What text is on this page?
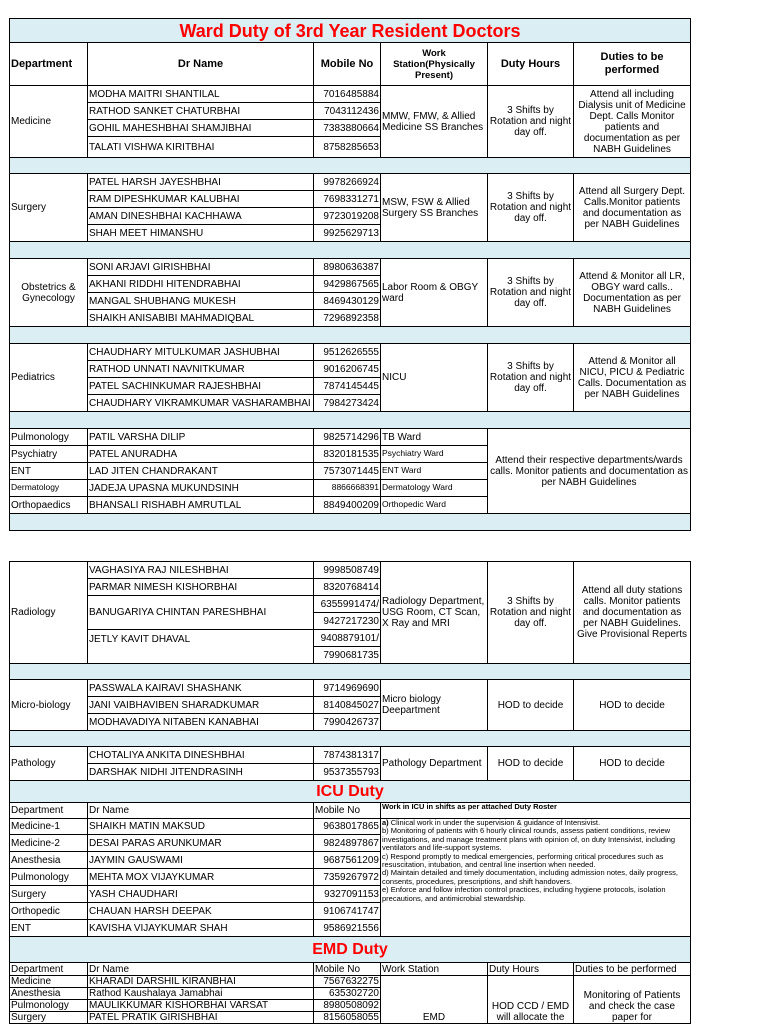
Ward Duty of 3rd Year Resident Doctors					
Department	Dr Name	Mobile No	Work Station(Physically Present)	Duty Hours	Duties to be performed
Medicine	MODHA MAITRI SHANTILAL	7016485884	MMW, FMW, & Allied Medicine SS Branches	3 Shifts by Rotation and night day off.	Attend all including Dialysis unit of Medicine Dept. Calls Monitor patients and documentation as per NABH Guidelines
	RATHOD SANKET CHATURBHAI	7043112436			
	GOHIL MAHESHBHAI SHAMJIBHAI	7383880664			
	TALATI VISHWA KIRITBHAI	8758285653			

Surgery	PATEL HARSH JAYESHBHAI	9978266924	MSW, FSW & Allied Surgery SS Branches	3 Shifts by Rotation and night day off.	Attend all Surgery Dept. Calls.Monitor patients and documentation as per NABH Guidelines
	RAM DIPESHKUMAR KALUBHAI	7698331271			
	AMAN DINESHBHAI KACHHAWA	9723019208			
	SHAH MEET HIMANSHU	9925629713			

Obstetrics & Gynecology	SONI ARJAVI GIRISHBHAI	8980636387	Labor Room & OBGY ward	3 Shifts by Rotation and night day off.	Attend & Monitor all LR, OBGY ward calls.. Documentation as per NABH Guidelines
	AKHANI RIDDHI HITENDRABHAI	9429867565			
	MANGAL SHUBHANG MUKESH	8469430129			
	SHAIKH ANISABIBI MAHMADIQBAL	7296892358			

Pediatrics	CHAUDHARY MITULKUMAR JASHUBHAI	9512626555	NICU	3 Shifts by Rotation and night day off.	Attend & Monitor all NICU, PICU & Pediatric Calls. Documentation as per NABH Guidelines
	RATHOD UNNATI NAVNITKUMAR	9016206745			
	PATEL SACHINKUMAR RAJESHBHAI	7874145445			
	CHAUDHARY VIKRAMKUMAR VASHARAMBHAI	7984273424			

Pulmonology	PATIL VARSHA DILIP	9825714296	TB Ward	Attend their respective departments/wards calls. Monitor patients and documentation as per NABH Guidelines	
Psychiatry	PATEL ANURADHA	8320181535	Psychiatry Ward		
ENT	LAD JITEN CHANDRAKANT	7573071445	ENT Ward		
Dermatology	JADEJA UPASNA MUKUNDSINH	8866668391	Dermatology Ward		
Orthopaedics	BHANSALI RISHABH AMRUTLAL	8849400209	Orthopedic Ward		

Radiology	VAGHASIYA RAJ NILESHBHAI	9998508749	Radiology Department, USG Room, CT Scan, X Ray and MRI	3 Shifts by Rotation and night day off.	Attend all duty stations calls. Monitor patients and documentation as per NABH Guidelines. Give Provisional Reperts
	PARMAR NIMESH KISHORBHAI	8320768414			
	BANUGARIYA CHINTAN PARESHBHAI	6355991474/			
		9427217230			
	JETLY KAVIT DHAVAL	9408879101/			
		7990681735			

Micro-biology	PASSWALA KAIRAVI SHASHANK	9714969690	Micro biology Deepartment	HOD to decide	HOD to decide
	JANI VAIBHAVIBEN SHARADKUMAR	8140845027			
	MODHAVADIYA NITABEN KANABHAI	7990426737			

Pathology	CHOTALIYA ANKITA DINESHBHAI	7874381317	Pathology Department	HOD to decide	HOD to decide
	DARSHAK NIDHI JITENDRASINH	9537355793			
ICU Duty					
Department	Dr Name	Mobile No	Work in ICU in shifts as per attached Duty Roster		
Medicine-1	SHAIKH MATIN MAKSUD	9638017865	a) Clinical work in under the supervision & guidance of Intensivist.
b) Monitoring of patients with 6 hourly clinical rounds, assess patient conditions, review investigations, and manage treatment plans with opinion of, on duty Intensivist, including ventilators and life-support systems.
c) Respond promptly to medical emergencies, performing critical procedures such as resuscitation, intubation, and central line insertion when needed.
d) Maintain detailed and timely documentation, including admission notes, daily progress, consents, procedures, prescriptions, and shift handovers.
e) Enforce and follow infection control practices, including hygiene protocols, isolation precautions, and antimicrobial stewardship.		

Medicine-2	DESAI PARAS ARUNKUMAR	9824897867			
Anesthesia	JAYMIN GAUSWAMI	9687561209			
Pulmonology	MEHTA MOX VIJAYKUMAR	7359267972			
Surgery	YASH CHAUDHARI	9327091153			
Orthopedic	CHAUAN HARSH DEEPAK	9106741747			
ENT	KAVISHA VIJAYKUMAR SHAH	9586921556			
EMD Duty					
Department	Dr Name	Mobile No	Work Station	Duty Hours	Duties to be performed
Medicine	KHARADI DARSHIL KIRANBHAI	7567632275	EMD	HOD CCD / EMD will allocate the	Monitoring of Patients and check the case paper for
Anesthesia	Rathod Kaushalaya Jamabhai	635302720			
Pulmonology	MAULIKKUMAR KISHORBHAI VARSAT	8980508092			
Surgery	PATEL PRATIK GIRISHBHAI	8156058055			
